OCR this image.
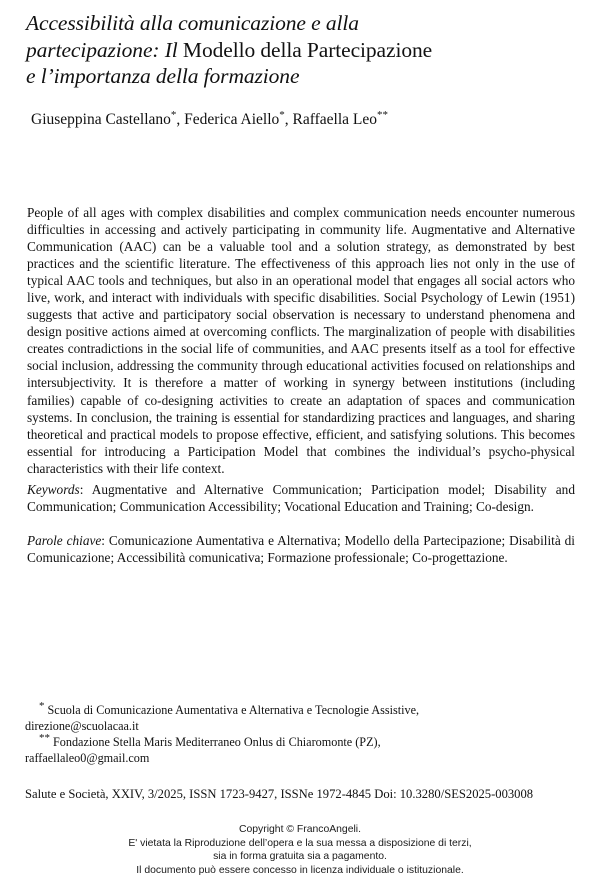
Accessibilità alla comunicazione e alla
partecipazione: Il Modello della Partecipazione
e l’importanza della formazione
Giuseppina Castellano*, Federica Aiello*, Raffaella Leo**

People of all ages with complex disabilities and complex communication needs encounter numerous difficulties in accessing and actively participating in community life. Augmentative and Alternative Communication (AAC) can be a valuable tool and a solution strategy, as demonstrated by best practices and the scientific literature. The effectiveness of this approach lies not only in the use of typical AAC tools and techniques, but also in an operational model that engages all social actors who live, work, and interact with individuals with specific disabilities. Social Psychology of Lewin (1951) suggests that active and participatory social observation is necessary to understand phenomena and design positive actions aimed at overcoming conflicts. The marginalization of people with disabilities creates contradictions in the social life of communities, and AAC presents itself as a tool for effective social inclusion, addressing the community through educational activities focused on relationships and intersubjectivity. It is therefore a matter of working in synergy between institutions (including families) capable of co-designing activities to create an adaptation of spaces and communication systems. In conclusion, the training is essential for standardizing practices and languages, and sharing theoretical and practical models to propose effective, efficient, and satisfying solutions. This becomes essential for introducing a Participation Model that combines the individual’s psycho-physical characteristics with their life context.

Keywords: Augmentative and Alternative Communication; Participation model; Disability and Communication; Communication Accessibility; Vocational Education and Training; Co-design.

Parole chiave: Comunicazione Aumentativa e Alternativa; Modello della Partecipazione; Disabilità di Comunicazione; Accessibilità comunicativa; Formazione professionale; Co-progettazione.

* Scuola di Comunicazione Aumentativa e Alternativa e Tecnologie Assistive,
direzione@scuolacaa.it

** Fondazione Stella Maris Mediterraneo Onlus di Chiaromonte (PZ),
raffaellaleo0@gmail.com

Salute e Società, XXIV, 3/2025, ISSN 1723-9427, ISSNe 1972-4845 Doi: 10.3280/SES2025-003008
Copyright © FrancoAngeli.
E' vietata la Riproduzione dell’opera e la sua messa a disposizione di terzi,
sia in forma gratuita sia a pagamento.
Il documento può essere concesso in licenza individuale o istituzionale.
